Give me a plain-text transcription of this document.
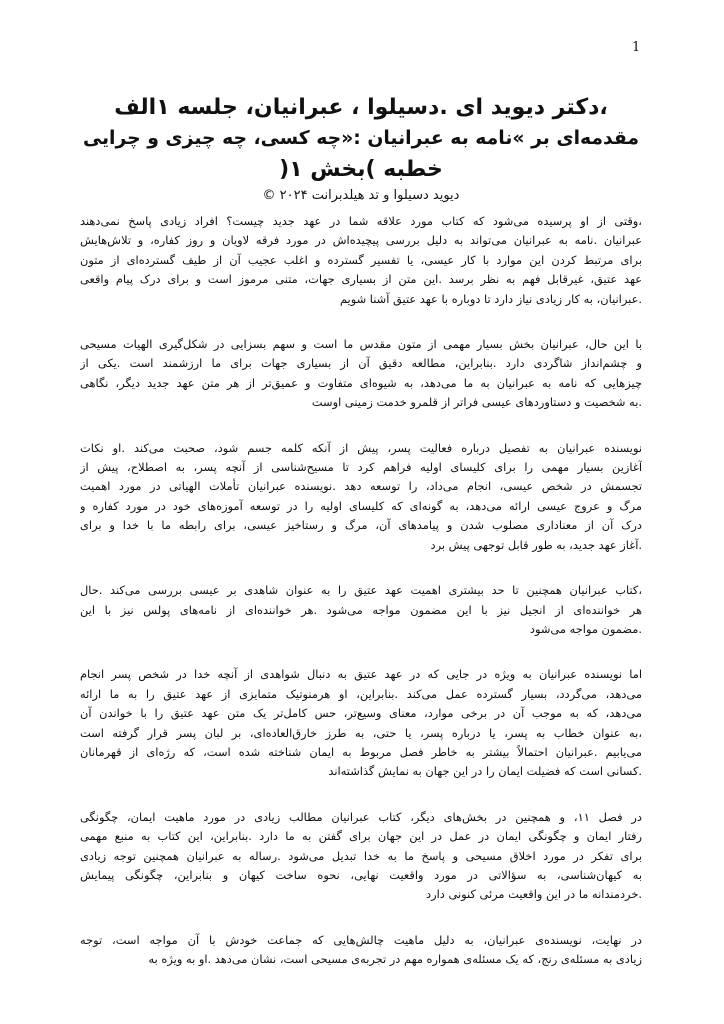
1
،دکتر دیوید ای .دسیلوا ، عبرانیان، جلسه ۱الف
مقدمه‌ای بر »نامه به عبرانیان :«چه کسی، چه چیزی و چرایی
خطبه )بخش ۱(
دیوید دسیلوا و تد هیلدبرانت ۲۰۲۴ ©
،وقتی از او پرسیده می‌شود که کتاب مورد علاقه شما در عهد جدید چیست؟ افراد زیادی پاسخ نمی‌دهند
عبرانیان .نامه به عبرانیان می‌تواند به دلیل بررسی پیچیده‌اش در مورد فرقه لاویان و روز کفاره، و تلاش‌هایش
برای مرتبط کردن این موارد با کار عیسی، یا تفسیر گسترده و اغلب عجیب آن از طیف گسترده‌ای از متون
عهد عتیق، غیرقابل فهم به نظر برسد .این متن از بسیاری جهات، متنی مرموز است و برای درک پیام واقعی
.عبرانیان، به کار زیادی نیاز دارد تا دوباره با عهد عتیق آشنا شویم
با این حال، عبرانیان بخش بسیار مهمی از متون مقدس ما است و سهم بسزایی در شکل‌گیری الهیات مسیحی
و چشم‌انداز شاگردی دارد .بنابراین، مطالعه دقیق آن از بسیاری جهات برای ما ارزشمند است .یکی از
چیزهایی که نامه به عبرانیان به ما می‌دهد، به شیوه‌ای متفاوت و عمیق‌تر از هر متن عهد جدید دیگر، نگاهی
.به شخصیت و دستاوردهای عیسی فراتر از قلمرو خدمت زمینی اوست
نویسنده عبرانیان به تفصیل درباره فعالیت پسر، پیش از آنکه کلمه جسم شود، صحبت می‌کند .او نکات
آغازین بسیار مهمی را برای کلیسای اولیه فراهم کرد تا مسیح‌شناسی از آنچه پسر، به اصطلاح، پیش از
تجسمش در شخص عیسی، انجام می‌داد، را توسعه دهد .نویسنده عبرانیان تأملات الهیاتی در مورد اهمیت
مرگ و عروج عیسی ارائه می‌دهد، به گونه‌ای که کلیسای اولیه را در توسعه آموزه‌های خود در مورد کفاره و
درک آن از معناداری مصلوب شدن و پیامدهای آن، مرگ و رستاخیز عیسی، برای رابطه ما با خدا و برای
.آغاز عهد جدید، به طور قابل توجهی پیش برد
،کتاب عبرانیان همچنین تا حد بیشتری اهمیت عهد عتیق را به عنوان شاهدی بر عیسی بررسی می‌کند .حال
هر خواننده‌ای از انجیل نیز با این مضمون مواجه می‌شود .هر خواننده‌ای از نامه‌های پولس نیز با این
.مضمون مواجه می‌شود
اما نویسنده عبرانیان به ویژه در جایی که در عهد عتیق به دنبال شواهدی از آنچه خدا در شخص پسر انجام
می‌دهد، می‌گردد، بسیار گسترده عمل می‌کند .بنابراین، او هرمنوتیک متمایزی از عهد عتیق را به ما ارائه
می‌دهد، که به موجب آن در برخی موارد، معنای وسیع‌تر، حس کامل‌تر یک متن عهد عتیق را با خواندن آن
،به عنوان خطاب به پسر، یا درباره پسر، یا حتی، به طرز خارق‌العاده‌ای، بر لبان پسر قرار گرفته است
می‌یابیم .عبرانیان احتمالاً بیشتر به خاطر فصل مربوط به ایمان شناخته شده است، که رژه‌ای از قهرمانان
.کسانی است که فضیلت ایمان را در این جهان به نمایش گذاشته‌اند
در فصل ۱۱، و همچنین در بخش‌های دیگر، کتاب عبرانیان مطالب زیادی در مورد ماهیت ایمان، چگونگی
رفتار ایمان و چگونگی ایمان در عمل در این جهان برای گفتن به ما دارد .بنابراین، این کتاب به منبع مهمی
برای تفکر در مورد اخلاق مسیحی و پاسخ ما به خدا تبدیل می‌شود .رساله به عبرانیان همچنین توجه زیادی
به کیهان‌شناسی، به سؤالاتی در مورد واقعیت نهایی، نحوه ساخت کیهان و بنابراین، چگونگی پیمایش
.خردمندانه ما در این واقعیت مرئی کنونی دارد
در نهایت، نویسنده‌ی عبرانیان، به دلیل ماهیت چالش‌هایی که جماعت خودش با آن مواجه است، توجه
زیادی به مسئله‌ی رنج، که یک مسئله‌ی همواره مهم در تجربه‌ی مسیحی است، نشان می‌دهد .او به ویژه به
